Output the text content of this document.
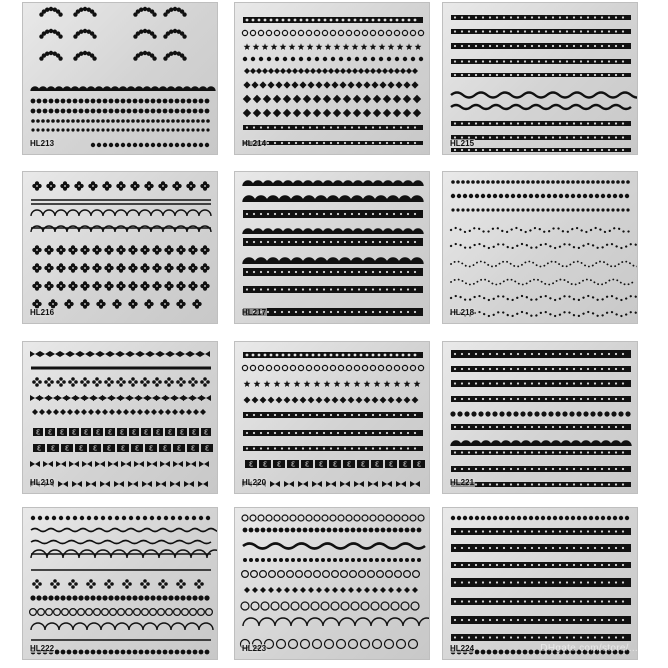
HL213	HL214	HL215
HL216	HL217	HL218
Ɛ Ɛ Ɛ Ɛ Ɛ Ɛ Ɛ Ɛ Ɛ Ɛ Ɛ Ɛ Ɛ Ɛ Ɛ
Ɛ Ɛ Ɛ Ɛ Ɛ Ɛ Ɛ Ɛ Ɛ Ɛ Ɛ Ɛ Ɛ
HL219
Ɛ Ɛ Ɛ Ɛ Ɛ Ɛ Ɛ Ɛ Ɛ Ɛ Ɛ Ɛ Ɛ
HL220	HL221
HL222	HL223	HL224	DHgate.com/store/...
